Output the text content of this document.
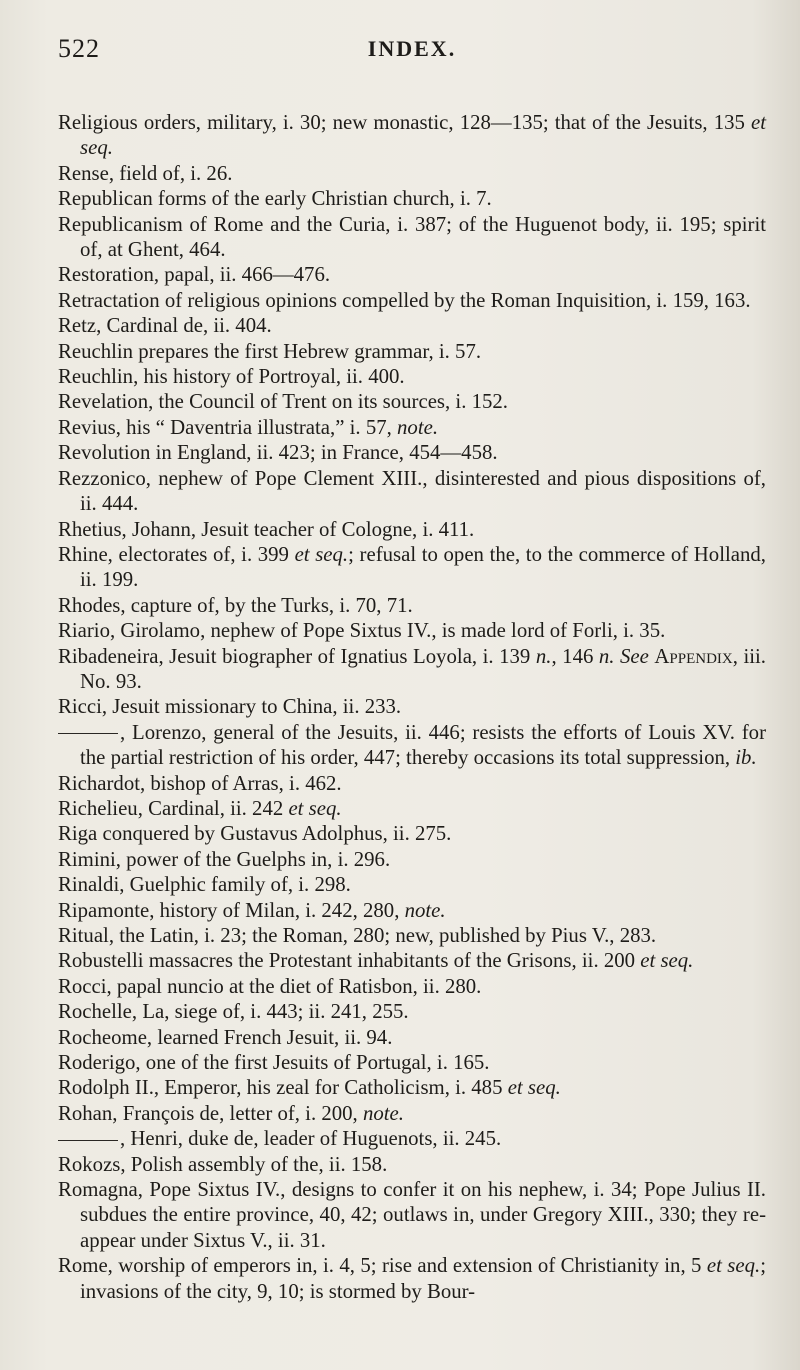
522	INDEX.
Religious orders, military, i. 30; new monastic, 128—135; that of the Jesuits, 135 et seq.
Rense, field of, i. 26.
Republican forms of the early Christian church, i. 7.
Republicanism of Rome and the Curia, i. 387; of the Huguenot body, ii. 195; spirit of, at Ghent, 464.
Restoration, papal, ii. 466—476.
Retractation of religious opinions compelled by the Roman Inquisition, i. 159, 163.
Retz, Cardinal de, ii. 404.
Reuchlin prepares the first Hebrew grammar, i. 57.
Reuchlin, his history of Portroyal, ii. 400.
Revelation, the Council of Trent on its sources, i. 152.
Revius, his “ Daventria illustrata,” i. 57, note.
Revolution in England, ii. 423; in France, 454—458.
Rezzonico, nephew of Pope Clement XIII., disinterested and pious dispositions of, ii. 444.
Rhetius, Johann, Jesuit teacher of Cologne, i. 411.
Rhine, electorates of, i. 399 et seq.; refusal to open the, to the commerce of Holland, ii. 199.
Rhodes, capture of, by the Turks, i. 70, 71.
Riario, Girolamo, nephew of Pope Sixtus IV., is made lord of Forli, i. 35.
Ribadeneira, Jesuit biographer of Ignatius Loyola, i. 139 n., 146 n. See Appendix, iii. No. 93.
Ricci, Jesuit missionary to China, ii. 233.
, Lorenzo, general of the Jesuits, ii. 446; resists the efforts of Louis XV. for the partial restriction of his order, 447; thereby occasions its total suppression, ib.
Richardot, bishop of Arras, i. 462.
Richelieu, Cardinal, ii. 242 et seq.
Riga conquered by Gustavus Adolphus, ii. 275.
Rimini, power of the Guelphs in, i. 296.
Rinaldi, Guelphic family of, i. 298.
Ripamonte, history of Milan, i. 242, 280, note.
Ritual, the Latin, i. 23; the Roman, 280; new, published by Pius V., 283.
Robustelli massacres the Protestant inhabitants of the Grisons, ii. 200 et seq.
Rocci, papal nuncio at the diet of Ratisbon, ii. 280.
Rochelle, La, siege of, i. 443; ii. 241, 255.
Rocheome, learned French Jesuit, ii. 94.
Roderigo, one of the first Jesuits of Portugal, i. 165.
Rodolph II., Emperor, his zeal for Catholicism, i. 485 et seq.
Rohan, François de, letter of, i. 200, note.
, Henri, duke de, leader of Huguenots, ii. 245.
Rokozs, Polish assembly of the, ii. 158.
Romagna, Pope Sixtus IV., designs to confer it on his nephew, i. 34; Pope Julius II. subdues the entire province, 40, 42; outlaws in, under Gregory XIII., 330; they re-appear under Sixtus V., ii. 31.
Rome, worship of emperors in, i. 4, 5; rise and extension of Christianity in, 5 et seq.; invasions of the city, 9, 10; is stormed by Bour-
